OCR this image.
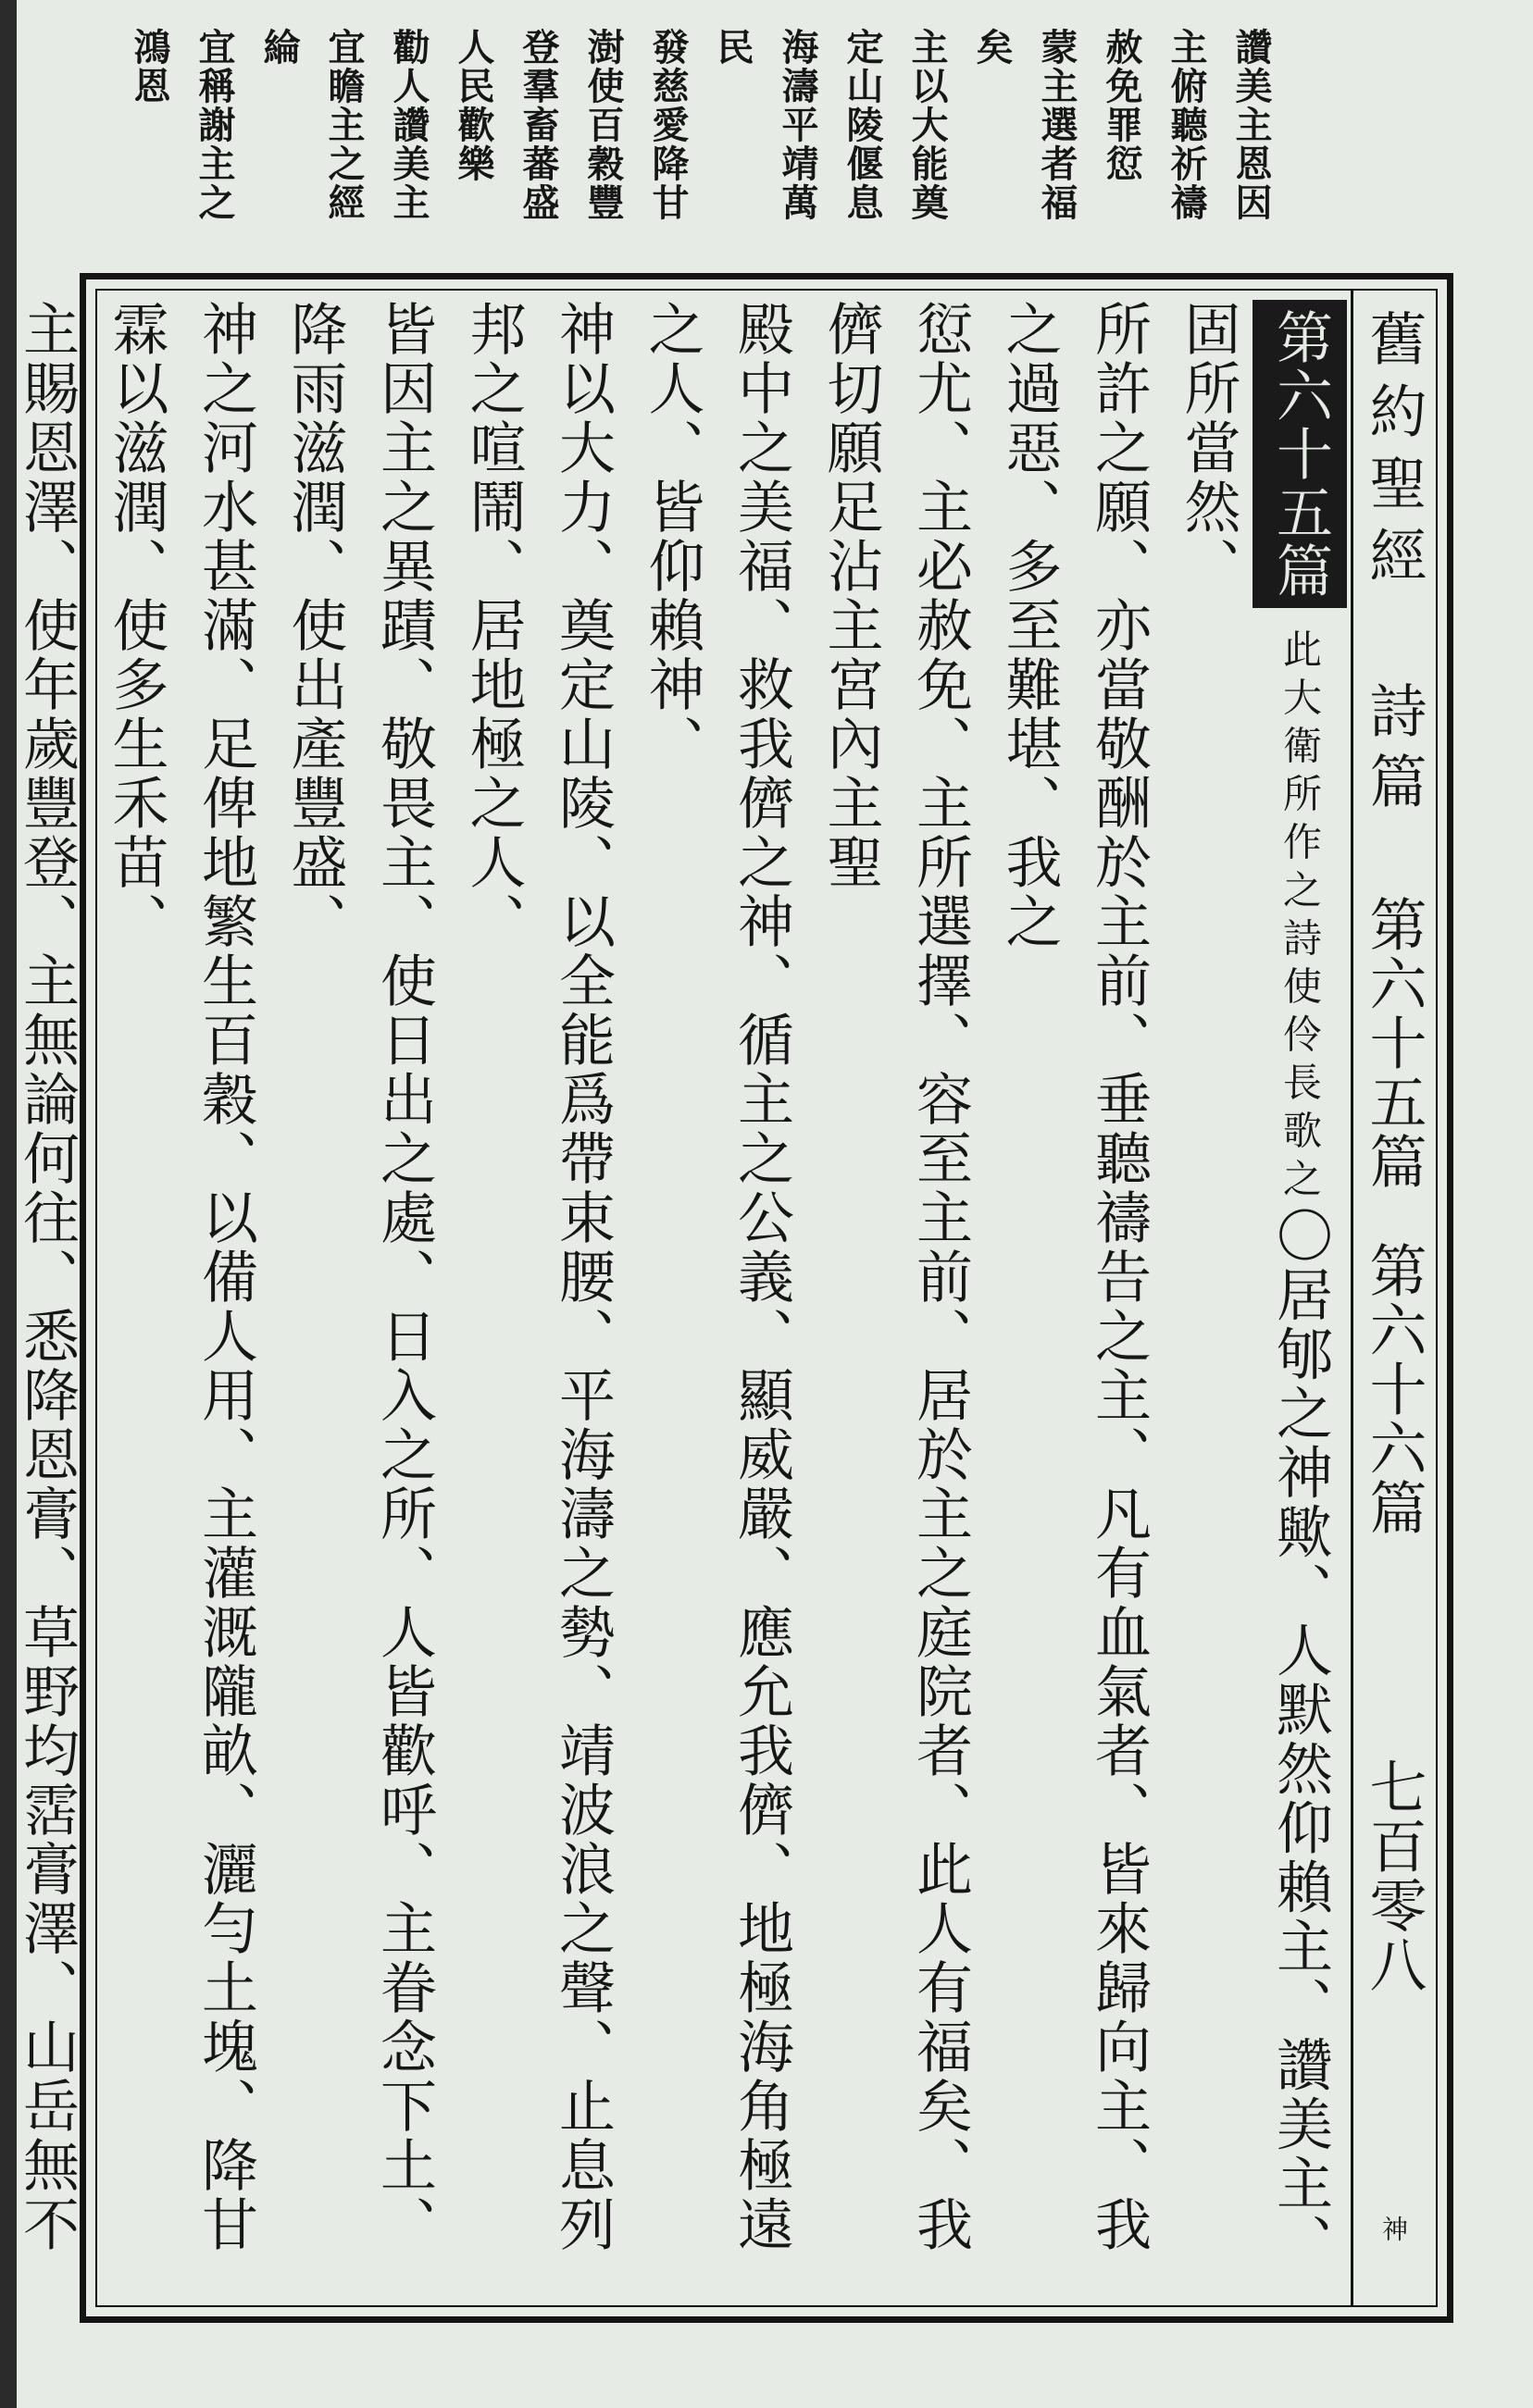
讚美主恩因
主俯聽祈禱
赦免罪愆
蒙主選者福
矣
主以大能奠
定山陵偃息
海濤平靖萬
民
發慈愛降甘
澍使百穀豐
登羣畜蕃盛
人民歡樂
勸人讚美主
宜瞻主之經
綸
宜稱謝主之
鴻恩
舊約聖經 詩篇 第六十五篇 第六十六篇
七百零八
神
第六十五篇 此大衛所作之詩使伶長歌之〇居郇之神歟、人默然仰賴主、讚美主、固所當然、
所許之願、亦當敬酬於主前、垂聽禱告之主、凡有血氣者、皆來歸向主、我之過惡、多至難堪、我之
愆尤、主必赦免、主所選擇、容至主前、居於主之庭院者、此人有福矣、我儕切願足沾主宮內主聖
殿中之美福、救我儕之神、循主之公義、顯威嚴、應允我儕、地極海角極遠之人、皆仰賴神、
神以大力、奠定山陵、以全能爲帶束腰、平海濤之勢、靖波浪之聲、止息列邦之喧鬧、居地極之人、
皆因主之異蹟、敬畏主、使日出之處、日入之所、人皆歡呼、主眷念下土、降雨滋潤、使出產豐盛、
神之河水甚滿、足俾地繁生百穀、以備人用、主灌溉隴畝、灑勻土塊、降甘霖以滋潤、使多生禾苗、
主賜恩澤、使年歲豐登、主無論何往、悉降恩膏、草野均霑膏澤、山岳無不
